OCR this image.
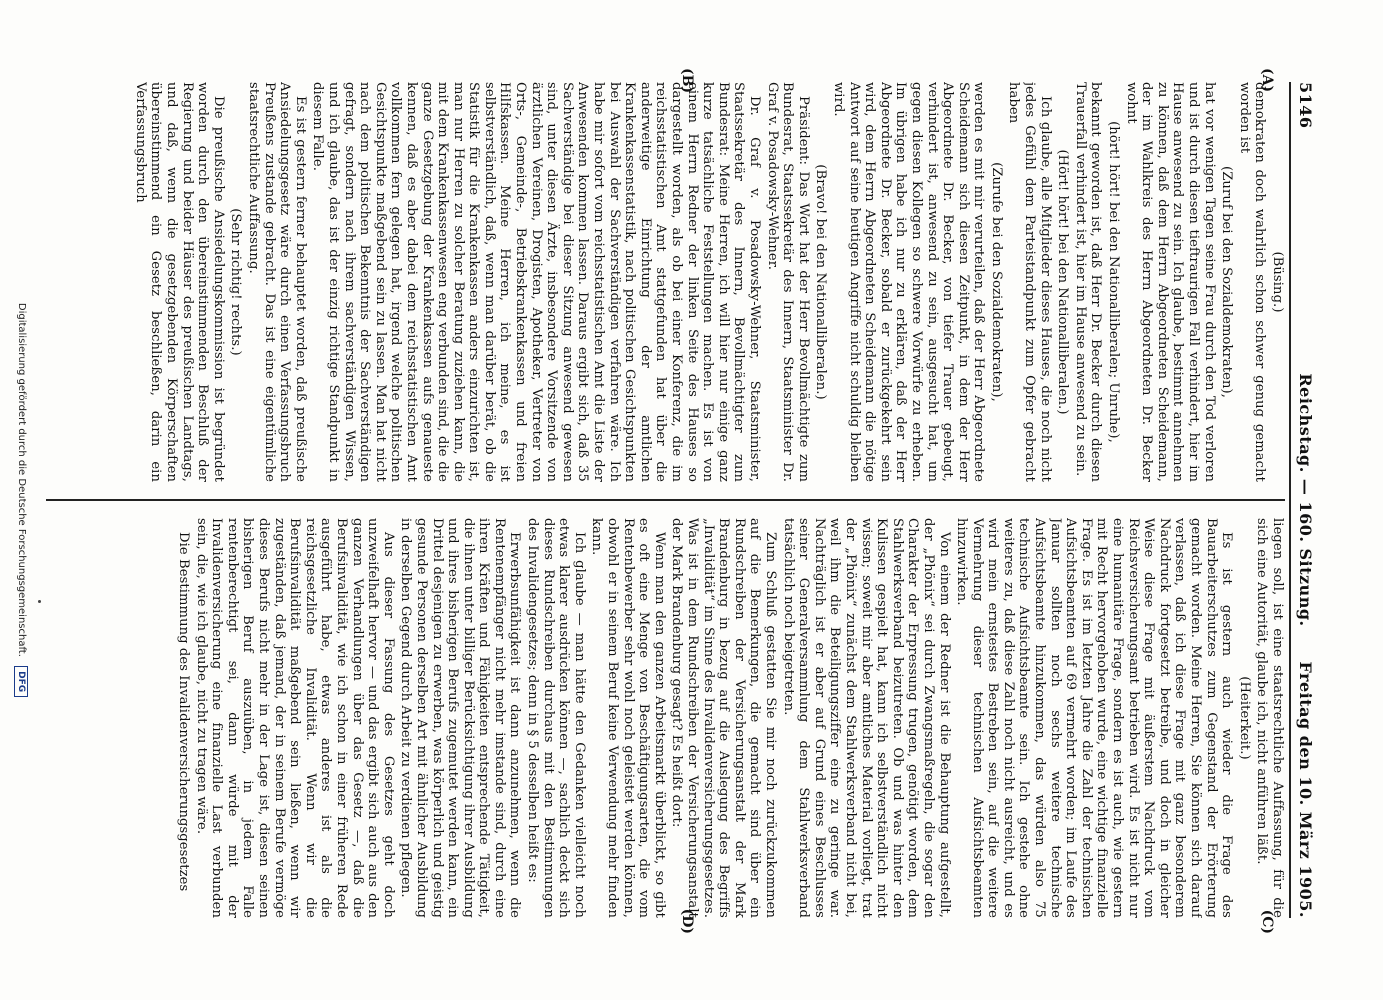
5146
Reichstag. — 160. Sitzung.
Freitag den 10. März 1905.
(A)
(B)
(C)
(D)

(Büsing.)

demokraten doch wahrlich schon schwer genug gemacht worden ist

(Zuruf bei den Sozialdemokraten),

hat vor wenigen Tagen seine Frau durch den Tod verloren und ist durch diesen tieftraurigen Fall verhindert, hier im Hause anwesend zu sein. Ich glaube, bestimmt annehmen zu können, daß dem Herrn Abgeordneten Scheidemann, der im Wahlkreis des Herrn Abgeordneten Dr. Becker wohnt

(hört! hört! bei den Nationalliberalen; Unruhe),

bekannt geworden ist, daß Herr Dr. Becker durch diesen Trauerfall verhindert ist, hier im Hause anwesend zu sein.

(Hört! hört! bei den Nationalliberalen.)

Ich glaube, alle Mitglieder dieses Hauses, die noch nicht jedes Gefühl dem Parteistandpunkt zum Opfer gebracht haben

(Zurufe bei den Sozialdemokraten),

werden es mit mir verurteilen, daß der Herr Abgeordnete Scheidemann sich diesen Zeitpunkt, in dem der Herr Abgeordnete Dr. Becker, von tiefer Trauer gebeugt, verhindert ist, anwesend zu sein, ausgesucht hat, um gegen diesen Kollegen so schwere Vorwürfe zu erheben. Im übrigen habe ich nur zu erklären, daß der Herr Abgeordnete Dr. Becker, sobald er zurückgekehrt sein wird, dem Herrn Abgeordneten Scheidemann die nötige Antwort auf seine heutigen Angriffe nicht schuldig bleiben wird.

(Bravo! bei den Nationalliberalen.)

Präsident: Das Wort hat der Herr Bevollmächtigte zum Bundesrat, Staatssekretär des Innern, Staatsminister Dr. Graf v. Posadowsky-Wehner.

Dr. Graf v. Posadowsky-Wehner, Staatsminister, Staatssekretär des Innern, Bevollmächtigter zum Bundesrat: Meine Herren, ich will hier nur einige ganz kurze tatsächliche Feststellungen machen. Es ist von einem Herrn Redner der linken Seite des Hauses so dargestellt worden, als ob bei einer Konferenz, die im reichsstatistischen Amt stattgefunden hat über die anderweitige Einrichtung der amtlichen Krankenkassenstatistik, nach politischen Gesichtspunkten bei Auswahl der Sachverständigen verfahren wäre. Ich habe mir sofort vom reichsstatistischen Amt die Liste der Anwesenden kommen lassen. Daraus ergibt sich, daß 35 Sachverständige bei dieser Sitzung anwesend gewesen sind, unter diesen Ärzte, insbesondere Vorsitzende von ärztlichen Vereinen, Drogisten, Apotheker, Vertreter von Orts-, Gemeinde-, Betriebskrankenkassen und freien Hilfskassen. Meine Herren, ich meine, es ist selbstverständlich, daß, wenn man darüber berät, ob die Statistik für die Krankenkassen anders einzurichten ist, man nur Herren zu solcher Beratung zuziehen kann, die mit dem Krankenkassenwesen eng verbunden sind, die die ganze Gesetzgebung der Krankenkassen aufs genaueste kennen, daß es aber dabei dem reichsstatistischen Amt vollkommen fern gelegen hat, irgend welche politischen Gesichtspunkte maßgebend sein zu lassen. Man hat nicht nach dem politischen Bekenntnis der Sachverständigen gefragt, sondern nach ihrem sachverständigen Wissen, und ich glaube, das ist der einzig richtige Standpunkt in diesem Falle.

Es ist gestern ferner behauptet worden, daß preußische Ansiedelungsgesetz wäre durch einen Verfassungsbruch Preußens zustande gebracht. Das ist eine eigentümliche staatsrechtliche Auffassung.

(Sehr richtig! rechts.)

Die preußische Ansiedelungskommission ist begründet worden durch den übereinstimmenden Beschluß der Regierung und beider Häuser des preußischen Landtags, und daß, wenn die gesetzgebenden Körperschaften übereinstimmend ein Gesetz beschließen, darin ein Verfassungsbruch

liegen soll, ist eine staatsrechtliche Auffassung, für die sich eine Autorität, glaube ich, nicht anführen läßt.

(Heiterkeit.)

Es ist gestern auch wieder die Frage des Bauarbeiterschutzes zum Gegenstand der Erörterung gemacht worden. Meine Herren, Sie können sich darauf verlassen, daß ich diese Frage mit ganz besonderem Nachdruck fortgesetzt betreibe, und doch in gleicher Weise diese Frage mit äußerstem Nachdruck vom Reichsversicherungsamt betrieben wird. Es ist nicht nur eine humanitäre Frage, sondern es ist auch, wie gestern mit Recht hervorgehoben wurde, eine wichtige finanzielle Frage. Es ist im letzten Jahre die Zahl der technischen Aufsichtsbeamten auf 69 vermehrt worden; im Laufe des Januar sollten noch sechs weitere technische Aufsichtsbeamte hinzukommen, das würden also 75 technische Aufsichtsbeamte sein. Ich gestehe ohne weiteres zu, daß diese Zahl noch nicht ausreicht, und es wird mein ernstestes Bestreben sein, auf die weitere Vermehrung dieser technischen Aufsichtsbeamten hinzuwirken.

Von einem der Redner ist die Behauptung aufgestellt, der „Phönix“ sei durch Zwangsmaßregeln, die sogar den Charakter der Erpressung trugen, genötigt worden, dem Stahlwerksverband beizutreten. Ob und was hinter den Kulissen gespielt hat, kann ich selbstverständlich nicht wissen; soweit mir aber amtliches Material vorliegt, trat der „Phönix“ zunächst dem Stahlwerksverband nicht bei, weil ihm die Beteiligungsziffer eine zu geringe war. Nachträglich ist er aber auf Grund eines Beschlusses seiner Generalversammlung dem Stahlwerksverband tatsächlich noch beigetreten.

Zum Schluß gestatten Sie mir noch zurückzukommen auf die Bemerkungen, die gemacht sind über ein Rundschreiben der Versicherungsanstalt der Mark Brandenburg in bezug auf die Auslegung des Begriffs „Invalidität“ im Sinne des Invalidenversicherungsgesetzes. Was ist in dem Rundschreiben der Versicherungsanstalt der Mark Brandenburg gesagt? Es heißt dort:

Wenn man den ganzen Arbeitsmarkt überblickt, so gibt es oft eine Menge von Beschäftigungsarten, die vom Rentenbewerber sehr wohl noch geleistet werden können, obwohl er in seinem Beruf keine Verwendung mehr finden kann.

Ich glaube — man hätte den Gedanken vielleicht noch etwas klarer ausdrücken können —, sachlich deckt sich dieses Rundschreiben durchaus mit den Bestimmungen des Invalidengesetzes; denn in § 5 desselben heißt es:

Erwerbsunfähigkeit ist dann anzunehmen, wenn die Rentenempfänger nicht mehr imstande sind, durch eine ihren Kräften und Fähigkeiten entsprechende Tätigkeit, die ihnen unter billiger Berücksichtigung ihrer Ausbildung und ihres bisherigen Berufs zugemutet werden kann, ein Drittel desjenigen zu erwerben, was körperlich und geistig gesunde Personen derselben Art mit ähnlicher Ausbildung in derselben Gegend durch Arbeit zu verdienen pflegen.

Aus dieser Fassung des Gesetzes geht doch unzweifelhaft hervor — und das ergibt sich auch aus den ganzen Verhandlungen über das Gesetz —, daß die Berufsinvalidität, wie ich schon in einer früheren Rede ausgeführt habe, etwas anderes ist als die reichsgesetzliche Invalidität. Wenn wir die Berufsinvalidität maßgebend sein ließen, wenn wir zugeständen, daß jemand, der in seinem Berufe vermöge dieses Berufs nicht mehr in der Lage ist, diesen seinen bisherigen Beruf auszuüben, in jedem Falle rentenberechtigt sei, dann würde mit der Invalidenversicherung eine finanzielle Last verbunden sein, die, wie ich glaube, nicht zu tragen wäre.

Die Bestimmung des Invalidenversicherungsgesetzes

Digitalisierung gefördert durch die Deutsche Forschungsgemeinschaft. DFG
